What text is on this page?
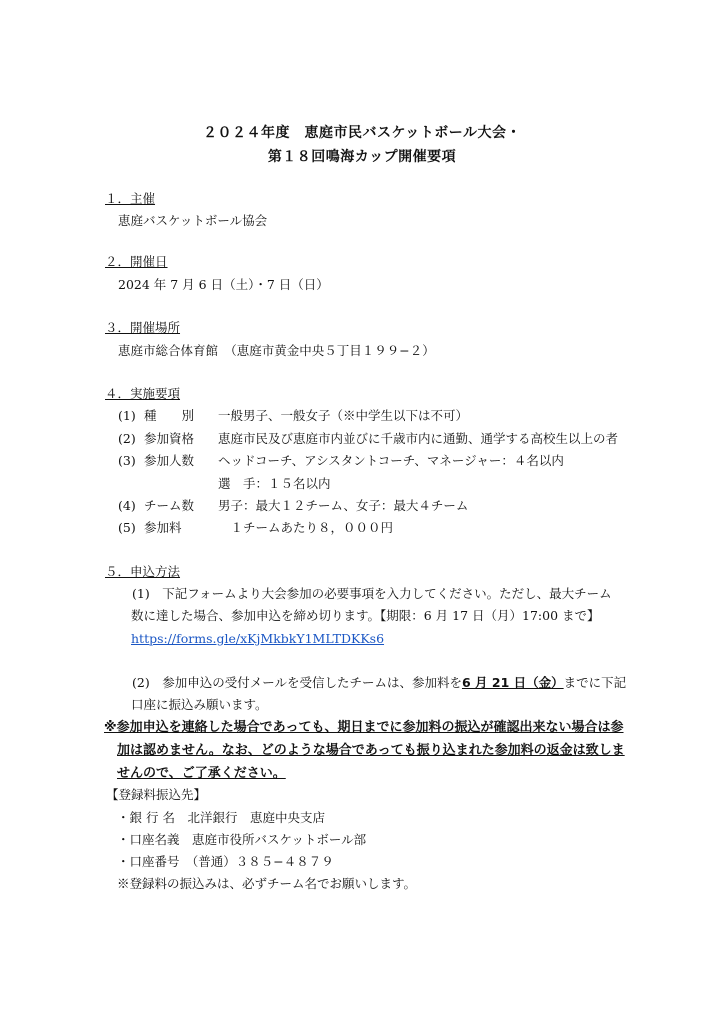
２０２４年度　恵庭市民バスケットボール大会・
第１８回鳴海カップ開催要項
１．主催
恵庭バスケットボール協会
２．開催日
2024 年 7 月 6 日（土）・7 日（日）
３．開催場所
恵庭市総合体育館　（恵庭市黄金中央５丁目１９９−２）
４．実施要項
(1) 種　　別 一般男子、一般女子（※中学生以下は不可）
(2) 参加資格 恵庭市民及び恵庭市内並びに千歳市内に通勤、通学する高校生以上の者
(3) 参加人数 ヘッドコーチ、アシスタントコーチ、マネージャー：４名以内
選　手：１５名以内
(4) チーム数 男子：最大１２チーム、女子：最大４チーム
(5) 参加料	　１チームあたり８，０００円
５．申込方法
(1)　下記フォームより大会参加の必要事項を入力してください。ただし、最大チーム
数に達した場合、参加申込を締め切ります。【期限：6 月 17 日（月）17:00 まで】
https://forms.gle/xKjMkbkY1MLTDKKs6
(2)　参加申込の受付メールを受信したチームは、参加料を6 月 21 日（金）までに下記
口座に振込み願います。
※参加申込を連絡した場合であっても、期日までに参加料の振込が確認出来ない場合は参
加は認めません。なお、どのような場合であっても振り込まれた参加料の返金は致しま
せんので、ご了承ください。
【登録料振込先】
・銀 行 名　北洋銀行　恵庭中央支店
・口座名義　恵庭市役所バスケットボール部
・口座番号　（普通）３８５−４８７９
※登録料の振込みは、必ずチーム名でお願いします。
